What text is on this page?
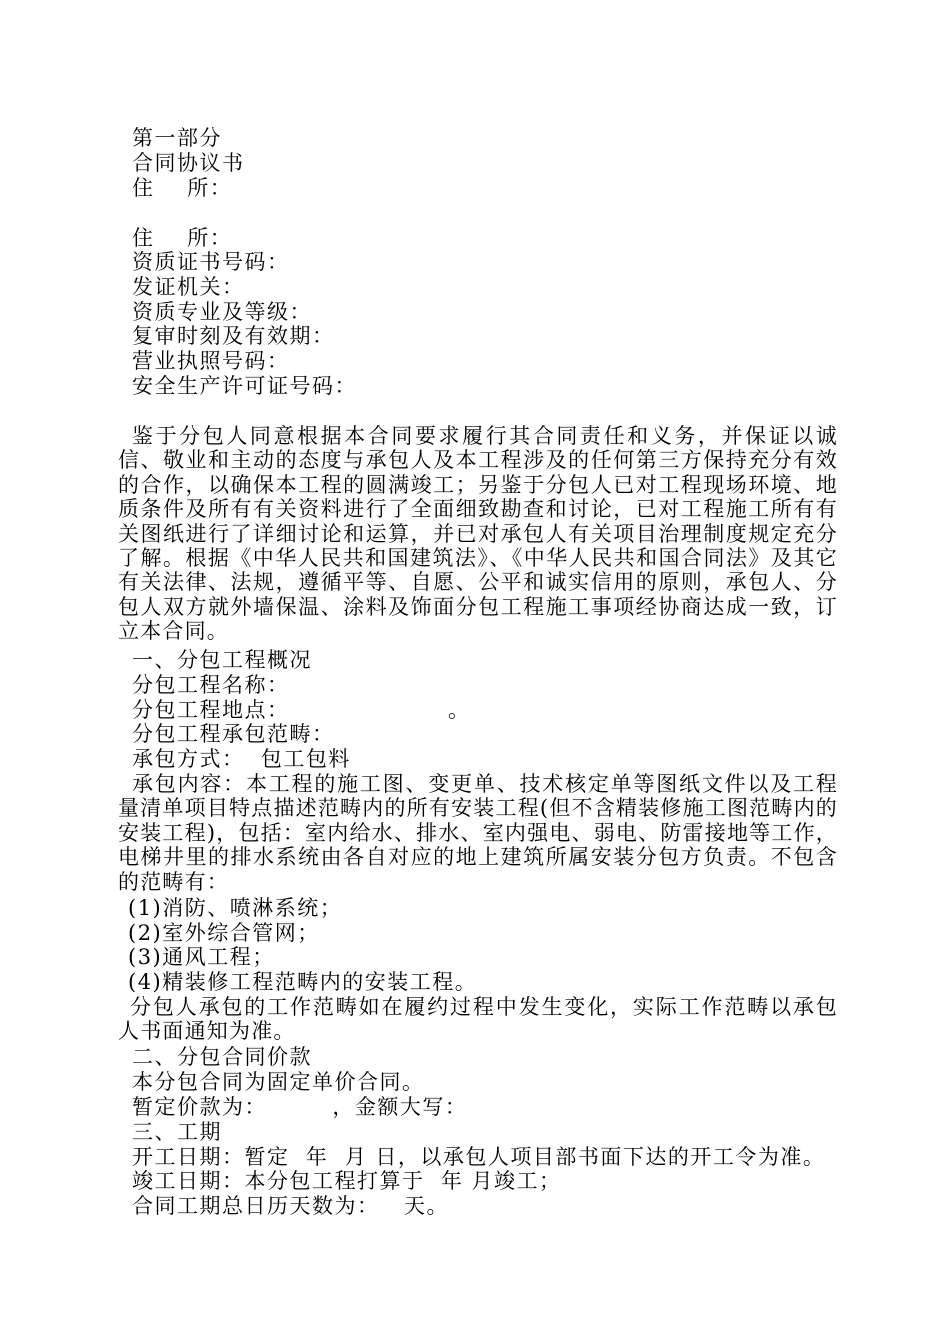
第一部分
合同协议书
住    所：
住    所：
资质证书号码：
发证机关：
资质专业及等级：
复审时刻及有效期：
营业执照号码：
安全生产许可证号码：
鉴于分包人同意根据本合同要求履行其合同责任和义务，并保证以诚信、敬业和主动的态度与承包人及本工程涉及的任何第三方保持充分有效的合作，以确保本工程的圆满竣工；另鉴于分包人已对工程现场环境、地质条件及所有有关资料进行了全面细致勘查和讨论，已对工程施工所有有关图纸进行了详细讨论和运算，并已对承包人有关项目治理制度规定充分了解。根据《中华人民共和国建筑法》、《中华人民共和国合同法》及其它有关法律、法规，遵循平等、自愿、公平和诚实信用的原则，承包人、分包人双方就外墙保温、涂料及饰面分包工程施工事项经协商达成一致，订立本合同。
一、分包工程概况
分包工程名称：
分包工程地点：	。
分包工程承包范畴：
承包方式：  包工包料
承包内容：本工程的施工图、变更单、技术核定单等图纸文件以及工程量清单项目特点描述范畴内的所有安装工程(但不含精装修施工图范畴内的安装工程)，包括：室内给水、排水、室内强电、弱电、防雷接地等工作，电梯井里的排水系统由各自对应的地上建筑所属安装分包方负责。不包含的范畴有：
(1)消防、喷淋系统；
(2)室外综合管网；
(3)通风工程；
(4)精装修工程范畴内的安装工程。
分包人承包的工作范畴如在履约过程中发生变化，实际工作范畴以承包人书面通知为准。
二、分包合同价款
本分包合同为固定单价合同。
暂定价款为：        ，金额大写：
三、工期
开工日期：暂定  年  月 日，以承包人项目部书面下达的开工令为准。
竣工日期：本分包工程打算于  年 月竣工；
合同工期总日历天数为：   天。
